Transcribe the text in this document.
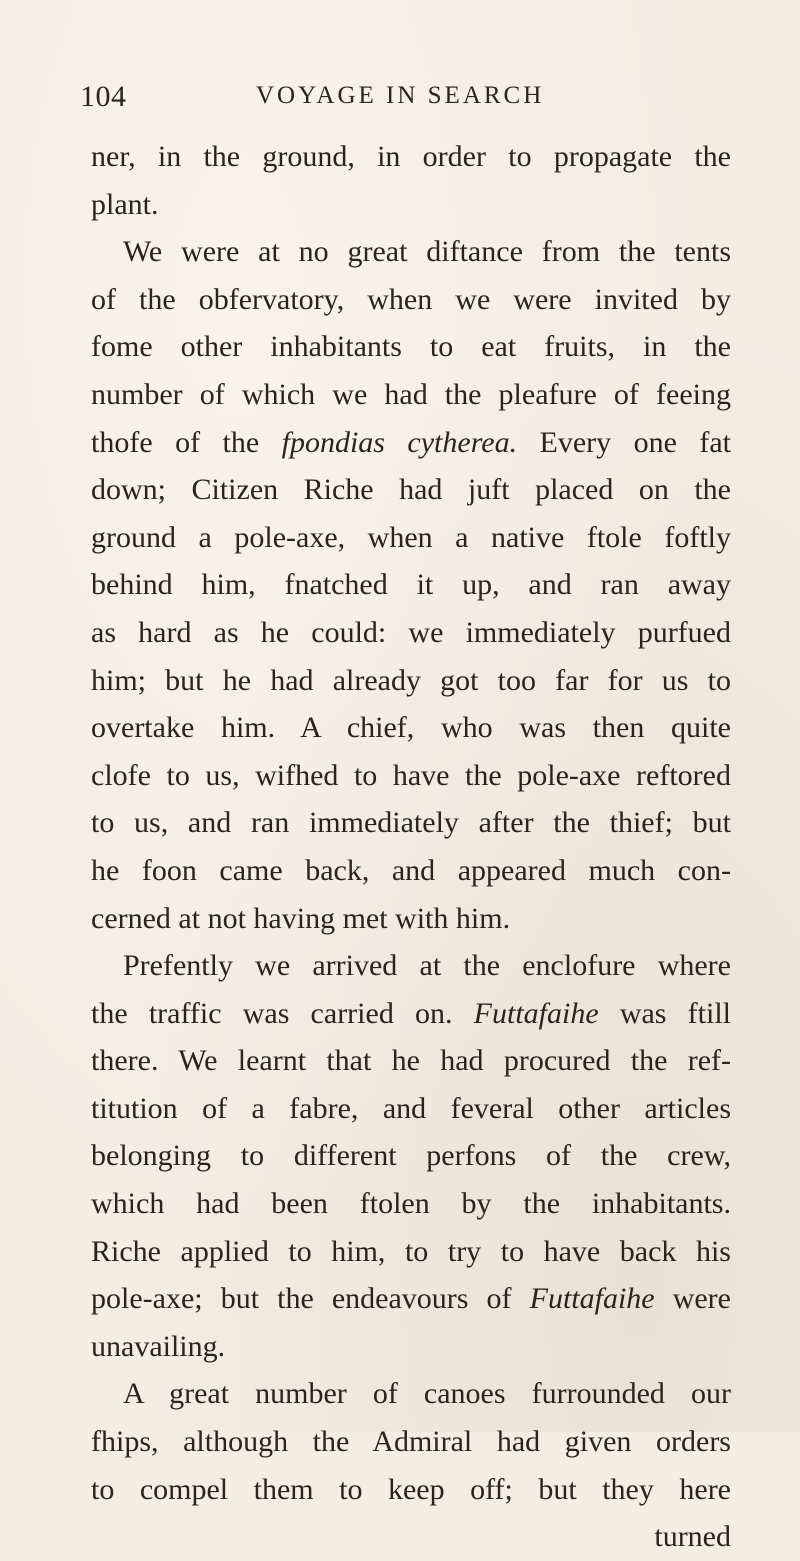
104	VOYAGE IN SEARCH
ner, in the ground, in order to propagate the
plant.
We were at no great diftance from the tents
of the obfervatory, when we were invited by
fome other inhabitants to eat fruits, in the
number of which we had the pleafure of feeing
thofe of the fpondias cytherea. Every one fat
down; Citizen Riche had juft placed on the
ground a pole-axe, when a native ftole foftly
behind him, fnatched it up, and ran away
as hard as he could: we immediately purfued
him; but he had already got too far for us to
overtake him. A chief, who was then quite
clofe to us, wifhed to have the pole-axe reftored
to us, and ran immediately after the thief; but
he foon came back, and appeared much con-
cerned at not having met with him.
Prefently we arrived at the enclofure where
the traffic was carried on. Futtafaihe was ftill
there. We learnt that he had procured the ref-
titution of a fabre, and feveral other articles
belonging to different perfons of the crew,
which had been ftolen by the inhabitants.
Riche applied to him, to try to have back his
pole-axe; but the endeavours of Futtafaihe were
unavailing.
A great number of canoes furrounded our
fhips, although the Admiral had given orders
to compel them to keep off; but they here
turned
